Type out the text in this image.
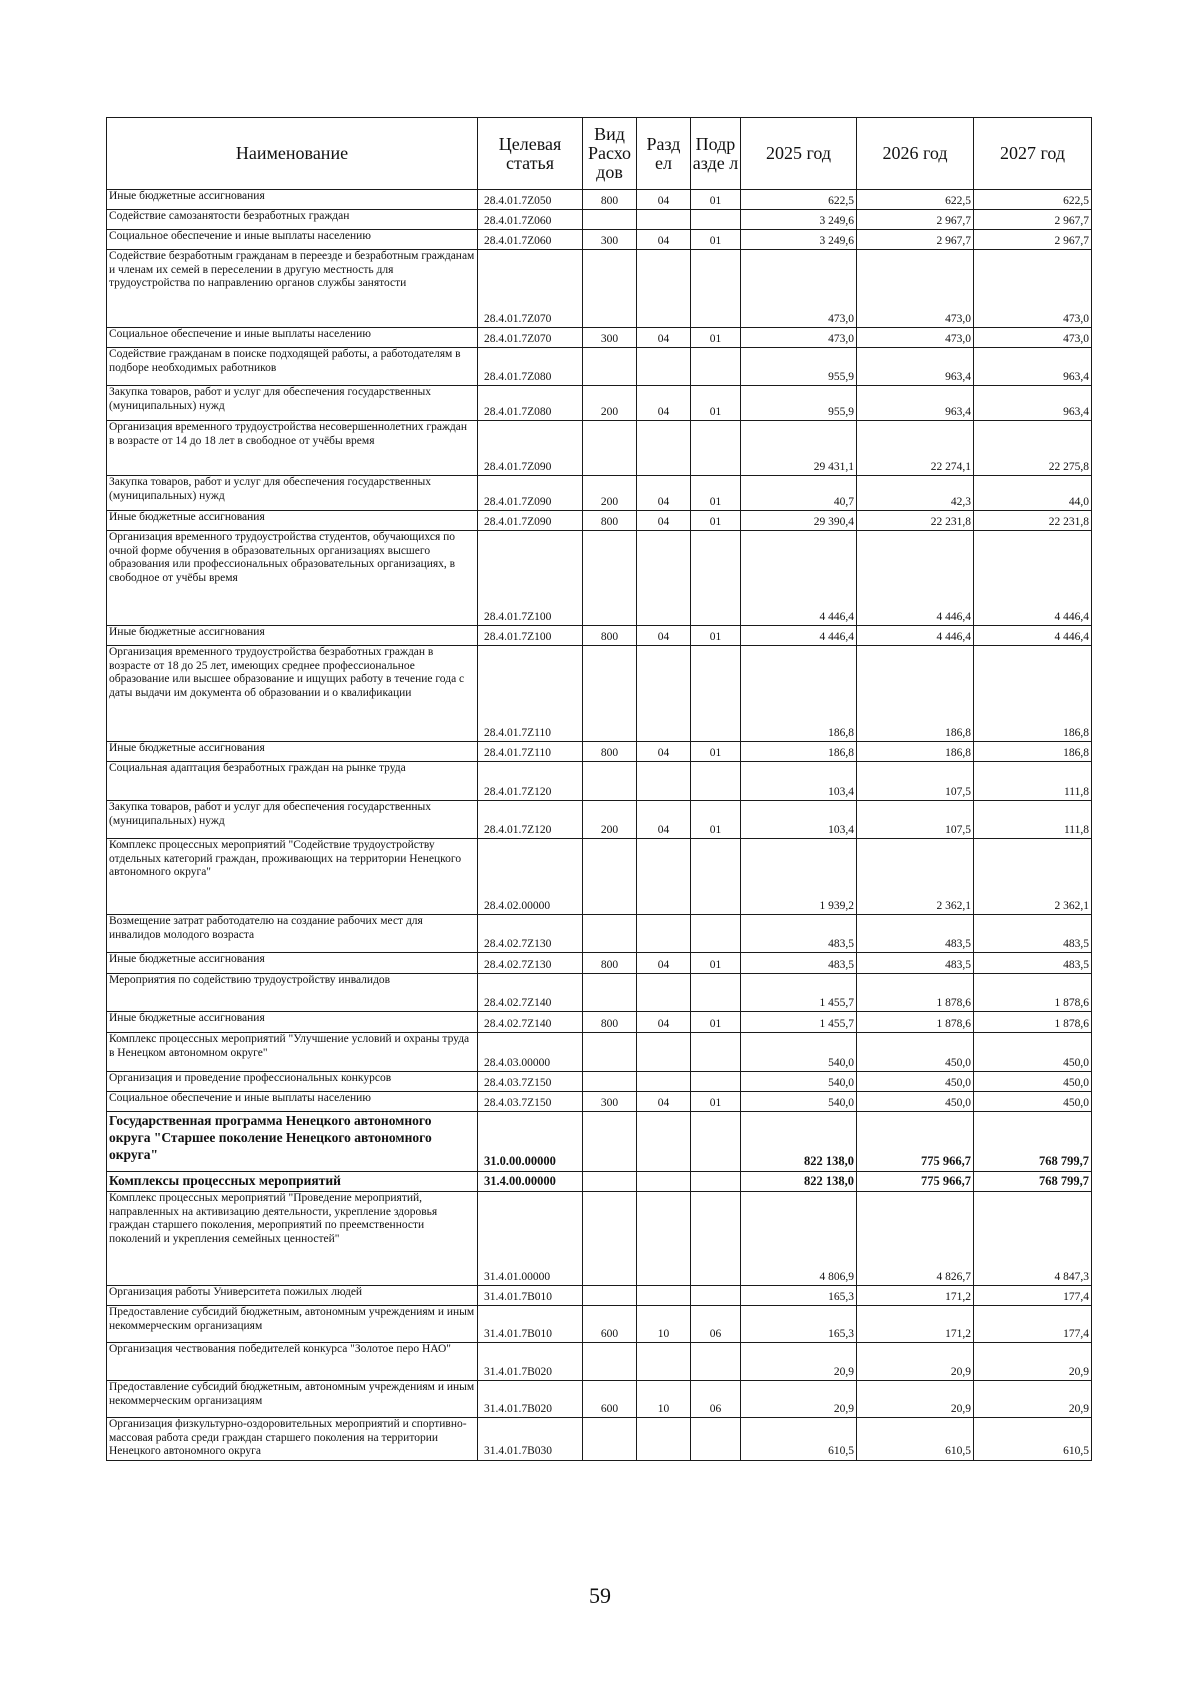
Наименование	Целевая статья	Вид Расхо дов	Разд ел	Подр азде л	2025 год	2026 год	2027 год
Иные бюджетные ассигнования	28.4.01.7Z050	800	04	01	622,5	622,5	622,5
Содействие самозанятости безработных граждан	28.4.01.7Z060				3 249,6	2 967,7	2 967,7
Социальное обеспечение и иные выплаты населению	28.4.01.7Z060	300	04	01	3 249,6	2 967,7	2 967,7
Содействие безработным гражданам в переезде и безработным гражданам и членам их семей в переселении в другую местность для трудоустройства по направлению органов службы занятости	28.4.01.7Z070				473,0	473,0	473,0
Социальное обеспечение и иные выплаты населению	28.4.01.7Z070	300	04	01	473,0	473,0	473,0
Содействие гражданам в поиске подходящей работы, а работодателям в подборе необходимых работников	28.4.01.7Z080				955,9	963,4	963,4
Закупка товаров, работ и услуг для обеспечения государственных (муниципальных) нужд	28.4.01.7Z080	200	04	01	955,9	963,4	963,4
Организация временного трудоустройства несовершеннолетних граждан в возрасте от 14 до 18 лет в свободное от учёбы время	28.4.01.7Z090				29 431,1	22 274,1	22 275,8
Закупка товаров, работ и услуг для обеспечения государственных (муниципальных) нужд	28.4.01.7Z090	200	04	01	40,7	42,3	44,0
Иные бюджетные ассигнования	28.4.01.7Z090	800	04	01	29 390,4	22 231,8	22 231,8
Организация временного трудоустройства студентов, обучающихся по очной форме обучения в образовательных организациях высшего образования или профессиональных образовательных организациях, в свободное от учёбы время	28.4.01.7Z100				4 446,4	4 446,4	4 446,4
Иные бюджетные ассигнования	28.4.01.7Z100	800	04	01	4 446,4	4 446,4	4 446,4
Организация временного трудоустройства безработных граждан в возрасте от 18 до 25 лет, имеющих среднее профессиональное образование или высшее образование и ищущих работу в течение года с даты выдачи им документа об образовании и о квалификации	28.4.01.7Z110				186,8	186,8	186,8
Иные бюджетные ассигнования	28.4.01.7Z110	800	04	01	186,8	186,8	186,8
Социальная адаптация безработных граждан на рынке труда	28.4.01.7Z120				103,4	107,5	111,8
Закупка товаров, работ и услуг для обеспечения государственных (муниципальных) нужд	28.4.01.7Z120	200	04	01	103,4	107,5	111,8
Комплекс процессных мероприятий "Содействие трудоустройству отдельных категорий граждан, проживающих на территории Ненецкого автономного округа"	28.4.02.00000				1 939,2	2 362,1	2 362,1
Возмещение затрат работодателю на создание рабочих мест для инвалидов молодого возраста	28.4.02.7Z130				483,5	483,5	483,5
Иные бюджетные ассигнования	28.4.02.7Z130	800	04	01	483,5	483,5	483,5
Мероприятия по содействию трудоустройству инвалидов	28.4.02.7Z140				1 455,7	1 878,6	1 878,6
Иные бюджетные ассигнования	28.4.02.7Z140	800	04	01	1 455,7	1 878,6	1 878,6
Комплекс процессных мероприятий "Улучшение условий и охраны труда в Ненецком автономном округе"	28.4.03.00000				540,0	450,0	450,0
Организация и проведение профессиональных конкурсов	28.4.03.7Z150				540,0	450,0	450,0
Социальное обеспечение и иные выплаты населению	28.4.03.7Z150	300	04	01	540,0	450,0	450,0
Государственная программа Ненецкого автономного округа "Старшее поколение Ненецкого автономного округа"	31.0.00.00000				822 138,0	775 966,7	768 799,7
Комплексы процессных мероприятий	31.4.00.00000				822 138,0	775 966,7	768 799,7
Комплекс процессных мероприятий "Проведение мероприятий, направленных на активизацию деятельности, укрепление здоровья граждан старшего поколения, мероприятий по преемственности поколений и укрепления семейных ценностей"	31.4.01.00000				4 806,9	4 826,7	4 847,3
Организация работы Университета пожилых людей	31.4.01.7B010				165,3	171,2	177,4
Предоставление субсидий бюджетным, автономным учреждениям и иным некоммерческим организациям	31.4.01.7B010	600	10	06	165,3	171,2	177,4
Организация чествования победителей конкурса "Золотое перо НАО"	31.4.01.7B020				20,9	20,9	20,9
Предоставление субсидий бюджетным, автономным учреждениям и иным некоммерческим организациям	31.4.01.7B020	600	10	06	20,9	20,9	20,9
Организация физкультурно-оздоровительных мероприятий и спортивно-массовая работа среди граждан старшего поколения на территории Ненецкого автономного округа	31.4.01.7B030				610,5	610,5	610,5
59
